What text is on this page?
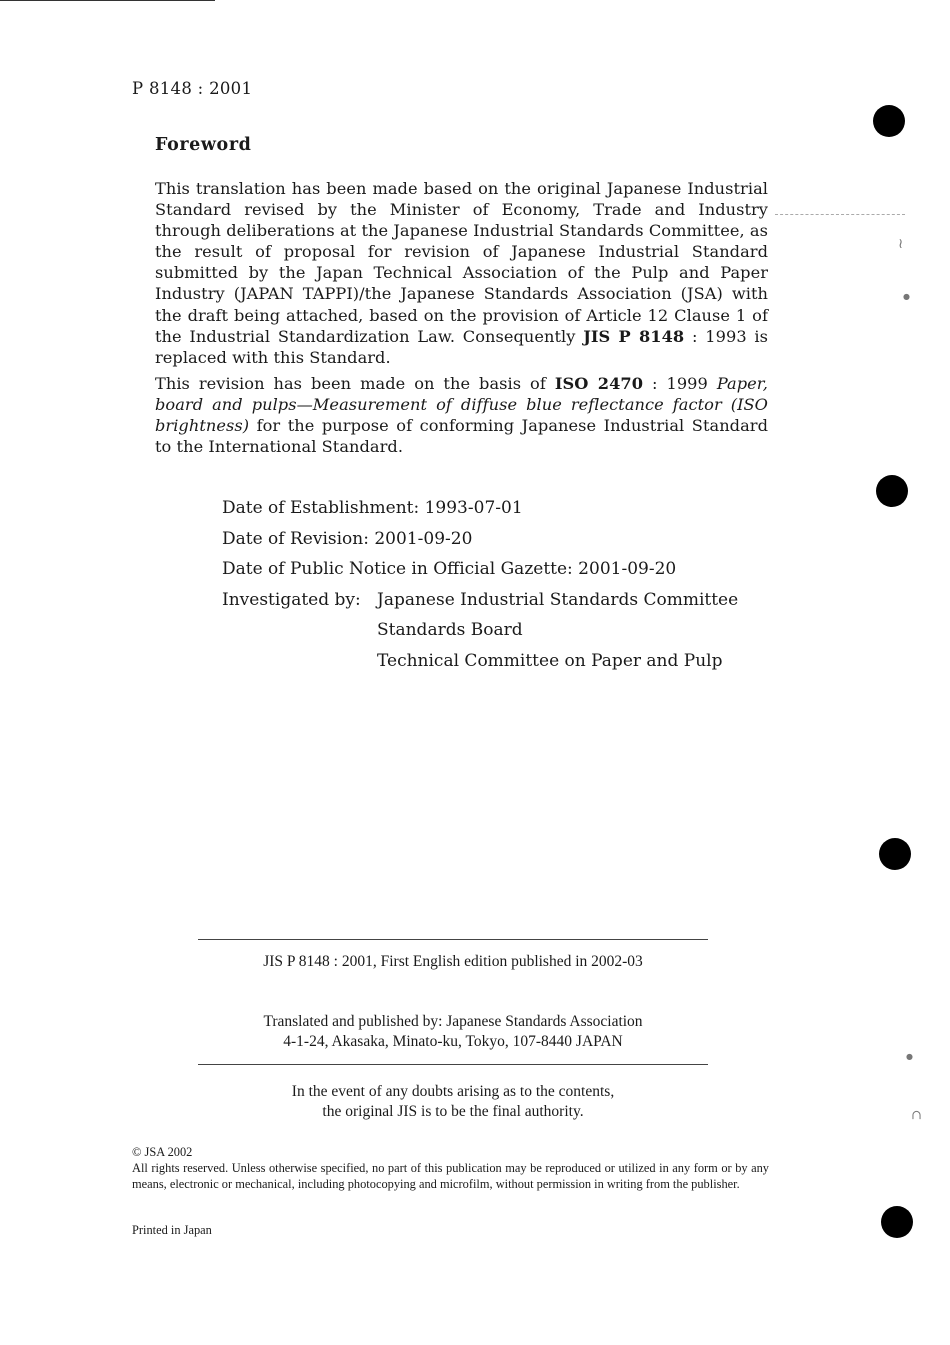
P 8148 : 2001
Foreword
This translation has been made based on the original Japanese Industrial Standard revised by the Minister of Economy, Trade and Industry through deliberations at the Japanese Industrial Standards Committee, as the result of proposal for revision of Japanese Industrial Standard submitted by the Japan Technical Association of the Pulp and Paper Industry (JAPAN TAPPI)/the Japanese Standards Association (JSA) with the draft being attached, based on the provision of Article 12 Clause 1 of the Industrial Standardization Law. Consequently JIS P 8148 : 1993 is replaced with this Standard.
This revision has been made on the basis of ISO 2470 : 1999 Paper, board and pulps—Measurement of diffuse blue reflectance factor (ISO brightness) for the purpose of conforming Japanese Industrial Standard to the International Standard.
Date of Establishment: 1993-07-01
Date of Revision: 2001-09-20
Date of Public Notice in Official Gazette: 2001-09-20
Investigated by: Japanese Industrial Standards Committee
Standards Board
Technical Committee on Paper and Pulp
JIS P 8148 : 2001, First English edition published in 2002-03
Translated and published by: Japanese Standards Association
4-1-24, Akasaka, Minato-ku, Tokyo, 107-8440 JAPAN
In the event of any doubts arising as to the contents,
the original JIS is to be the final authority.
© JSA 2002
All rights reserved. Unless otherwise specified, no part of this publication may be reproduced or utilized in any form or by any means, electronic or mechanical, including photocopying and microfilm, without permission in writing from the publisher.
Printed in Japan
≀
●
●
∩
